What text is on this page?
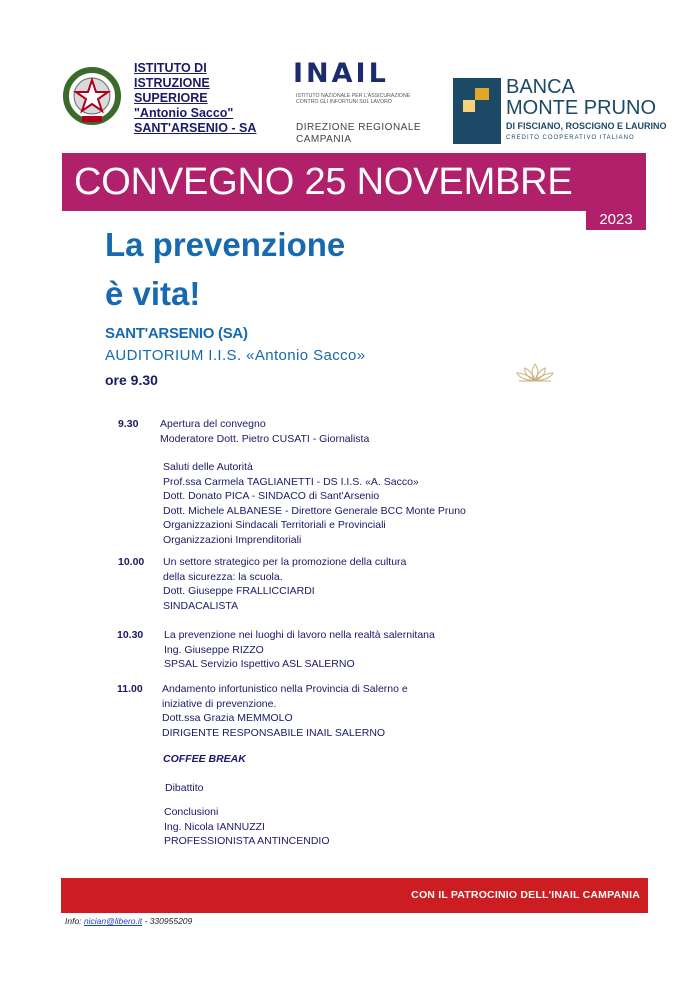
ISTITUTO DI
ISTRUZIONE
SUPERIORE
"Antonio Sacco"
SANT'ARSENIO - SA
INAIL
ISTITUTO NAZIONALE PER L'ASSICURAZIONE CONTRO GLI INFORTUNI SUL LAVORO
DIREZIONE REGIONALE
CAMPANIA
BANCA
MONTE PRUNO
DI FISCIANO, ROSCIGNO E LAURINO
CREDITO COOPERATIVO ITALIANO
CONVEGNO 25 NOVEMBRE
2023
La prevenzione
è vita!
SANT'ARSENIO (SA)
AUDITORIUM I.I.S. «Antonio Sacco»
ore 9.30
9.30 Apertura del convegno
Moderatore Dott. Pietro CUSATI - Giornalista
Saluti delle Autorità
Prof.ssa Carmela TAGLIANETTI - DS I.I.S. «A. Sacco»
Dott. Donato PICA - SINDACO di Sant'Arsenio
Dott. Michele ALBANESE - Direttore Generale BCC Monte Pruno
Organizzazioni Sindacali Territoriali e Provinciali
Organizzazioni Imprenditoriali
10.00 Un settore strategico per la promozione della cultura
della sicurezza: la scuola.
Dott. Giuseppe FRALLICCIARDI
SINDACALISTA
10.30 La prevenzione nei luoghi di lavoro nella realtà salernitana
Ing. Giuseppe RIZZO
SPSAL Servizio Ispettivo ASL SALERNO
11.00 Andamento infortunistico nella Provincia di Salerno e
iniziative di prevenzione.
Dott.ssa Grazia MEMMOLO
DIRIGENTE RESPONSABILE INAIL SALERNO
COFFEE BREAK
Dibattito
Conclusioni
Ing. Nicola IANNUZZI
PROFESSIONISTA ANTINCENDIO
CON IL PATROCINIO DELL'INAIL CAMPANIA
Info: nician@libero.it - 330955209
